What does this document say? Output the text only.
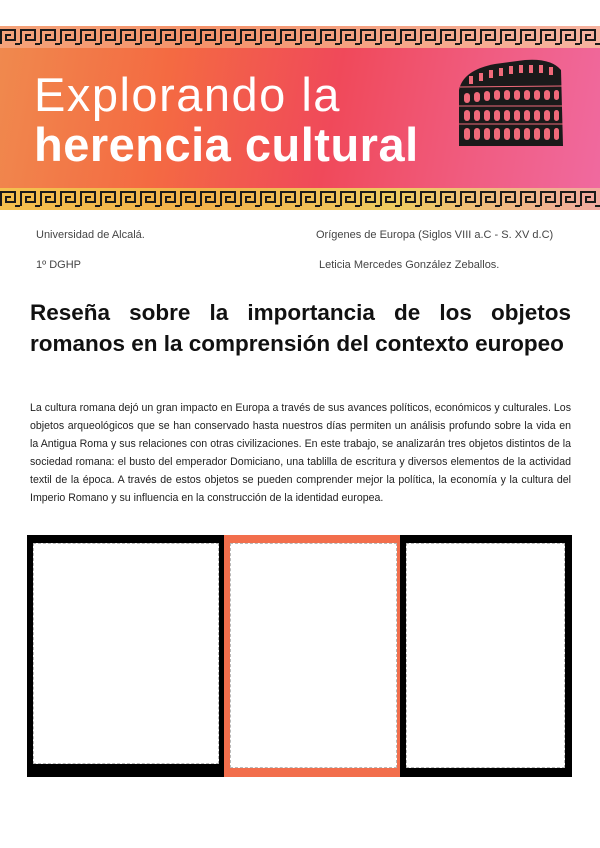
Explorando la
herencia cultural
Universidad de Alcalá.	Orígenes de Europa (Siglos VIII a.C - S. XV d.C)
1º DGHP	Leticia Mercedes González Zeballos.
Reseña sobre la importancia de los objetos romanos en la comprensión del contexto europeo

La cultura romana dejó un gran impacto en Europa a través de sus avances políticos, económicos y culturales. Los objetos arqueológicos que se han conservado hasta nuestros días permiten un análisis profundo sobre la vida en la Antigua Roma y sus relaciones con otras civilizaciones. En este trabajo, se analizarán tres objetos distintos de la sociedad romana: el busto del emperador Domiciano, una tablilla de escritura y diversos elementos de la actividad textil de la época. A través de estos objetos se pueden comprender mejor la política, la economía y la cultura del Imperio Romano y su influencia en la construcción de la identidad europea.
